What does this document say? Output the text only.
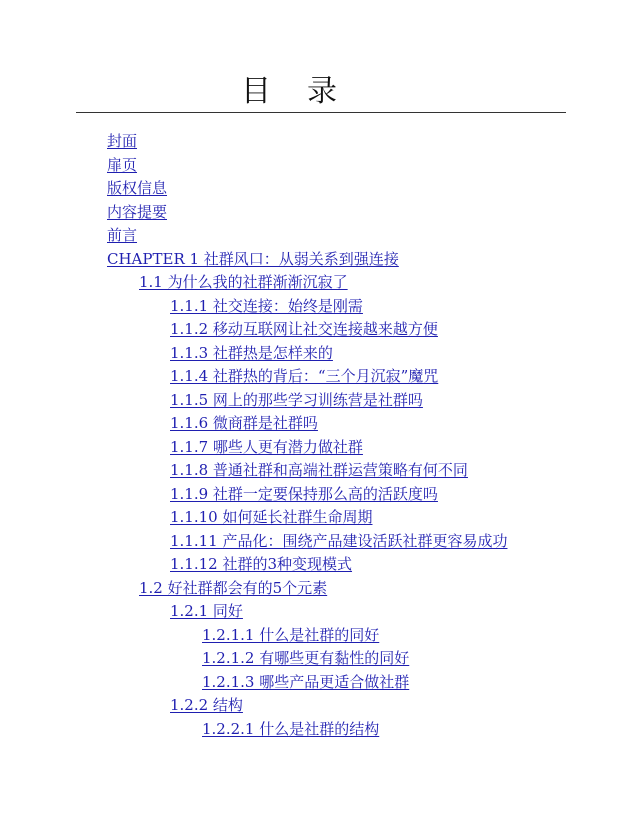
目录
封面
扉页
版权信息
内容提要
前言
CHAPTER 1 社群风口：从弱关系到强连接
1.1 为什么我的社群渐渐沉寂了
1.1.1 社交连接：始终是刚需
1.1.2 移动互联网让社交连接越来越方便
1.1.3 社群热是怎样来的
1.1.4 社群热的背后：“三个月沉寂”魔咒
1.1.5 网上的那些学习训练营是社群吗
1.1.6 微商群是社群吗
1.1.7 哪些人更有潜力做社群
1.1.8 普通社群和高端社群运营策略有何不同
1.1.9 社群一定要保持那么高的活跃度吗
1.1.10 如何延长社群生命周期
1.1.11 产品化：围绕产品建设活跃社群更容易成功
1.1.12 社群的3种变现模式
1.2 好社群都会有的5个元素
1.2.1 同好
1.2.1.1 什么是社群的同好
1.2.1.2 有哪些更有黏性的同好
1.2.1.3 哪些产品更适合做社群
1.2.2 结构
1.2.2.1 什么是社群的结构
